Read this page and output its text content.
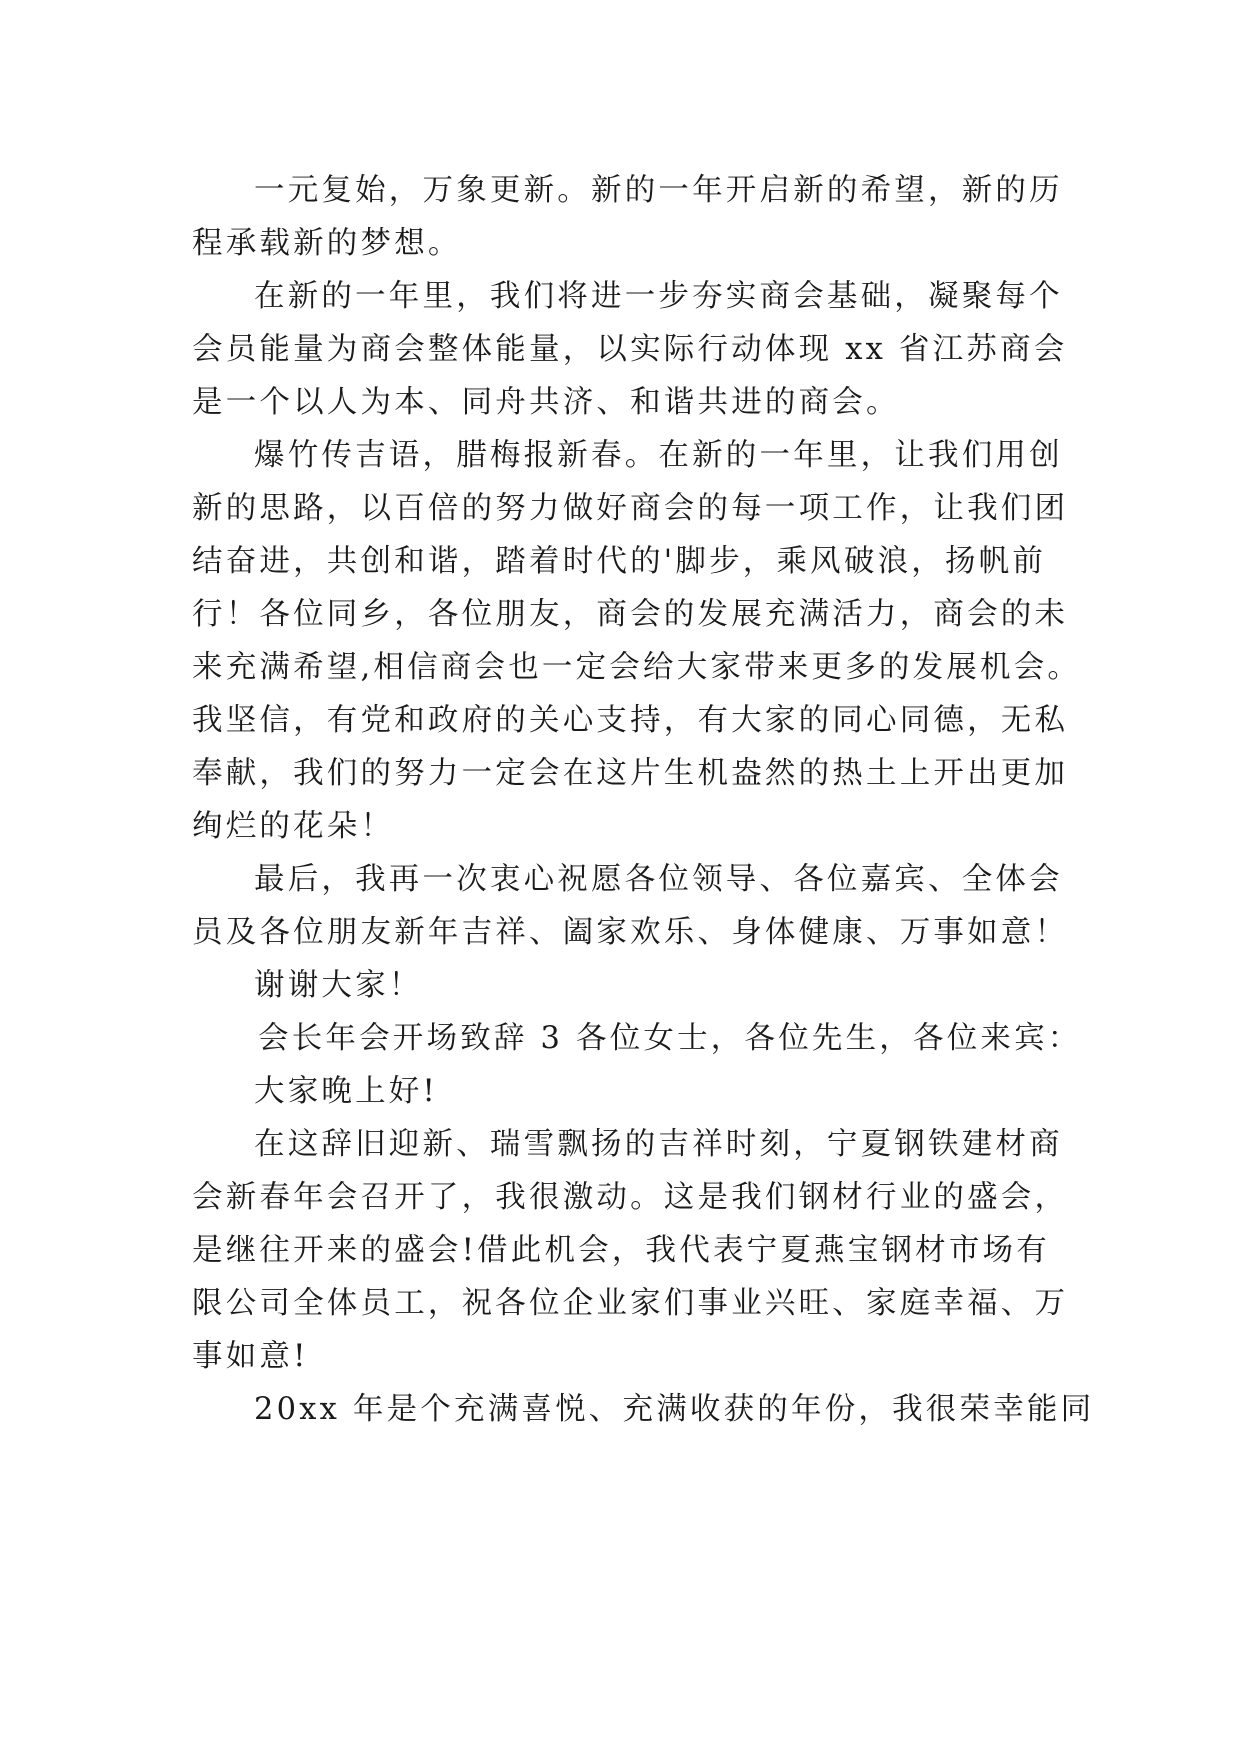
一元复始，万象更新。新的一年开启新的希望，新的历
程承载新的梦想。
在新的一年里，我们将进一步夯实商会基础，凝聚每个
会员能量为商会整体能量，以实际行动体现 xx 省江苏商会
是一个以人为本、同舟共济、和谐共进的商会。
爆竹传吉语，腊梅报新春。在新的一年里，让我们用创
新的思路，以百倍的努力做好商会的每一项工作，让我们团
结奋进，共创和谐，踏着时代的'脚步，乘风破浪，扬帆前
行！各位同乡，各位朋友，商会的发展充满活力，商会的未
来充满希望,相信商会也一定会给大家带来更多的发展机会。
我坚信，有党和政府的关心支持，有大家的同心同德，无私
奉献，我们的努力一定会在这片生机盎然的热土上开出更加
绚烂的花朵！
最后，我再一次衷心祝愿各位领导、各位嘉宾、全体会
员及各位朋友新年吉祥、阖家欢乐、身体健康、万事如意！
谢谢大家！
会长年会开场致辞 3 各位女士，各位先生，各位来宾：
大家晚上好!
在这辞旧迎新、瑞雪飘扬的吉祥时刻，宁夏钢铁建材商
会新春年会召开了，我很激动。这是我们钢材行业的盛会，
是继往开来的盛会!借此机会，我代表宁夏燕宝钢材市场有
限公司全体员工，祝各位企业家们事业兴旺、家庭幸福、万
事如意!
20xx 年是个充满喜悦、充满收获的年份，我很荣幸能同
